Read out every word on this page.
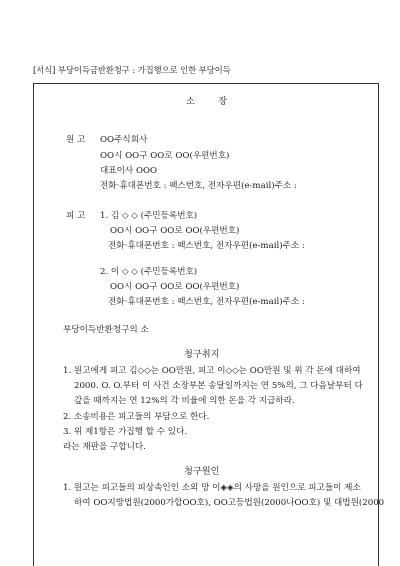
[서식] 부당이득금반환청구 : 가집행으로 인한 부당이득
소        장
원 고 OO주식회사
OO시 OO구 OO로 OO(우편번호)
대표이사 OOO
전화·휴대폰번호 : 팩스번호, 전자우편(e-mail)주소 :
피 고 1. 김 ◇ ◇ (주민등록번호)
OO시 OO구 OO로 OO(우편번호)
전화·휴대폰번호 : 팩스번호, 전자우편(e-mail)주소 :
2. 이 ◇ ◇ (주민등록번호)
OO시 OO구 OO로 OO(우편번호)
전화·휴대폰번호 : 팩스번호, 전자우편(e-mail)주소 :
부당이득반환청구의 소
청구취지
1. 원고에게 피고 김◇◇는 OO만원, 피고 이◇◇는 OO만원 및 위 각 돈에 대하여
2000. O. O.부터 이 사건 소장부본 송달일까지는 연 5%의, 그 다음날부터 다
갚을 때까지는 연 12%의 각 비율에 의한 돈을 각 지급하라.
2. 소송비용은 피고들의 부담으로 한다.
3. 위 제1항은 가집행 할 수 있다.
라는 재판을 구합니다.
청구원인
1. 원고는 피고들의 피상속인인 소외 망 이◈◈의 사망을 원인으로 피고들이 제소
하여 OO지방법원(2000가합OO호), OO고등법원(2000나OO호) 및 대법원(2000
